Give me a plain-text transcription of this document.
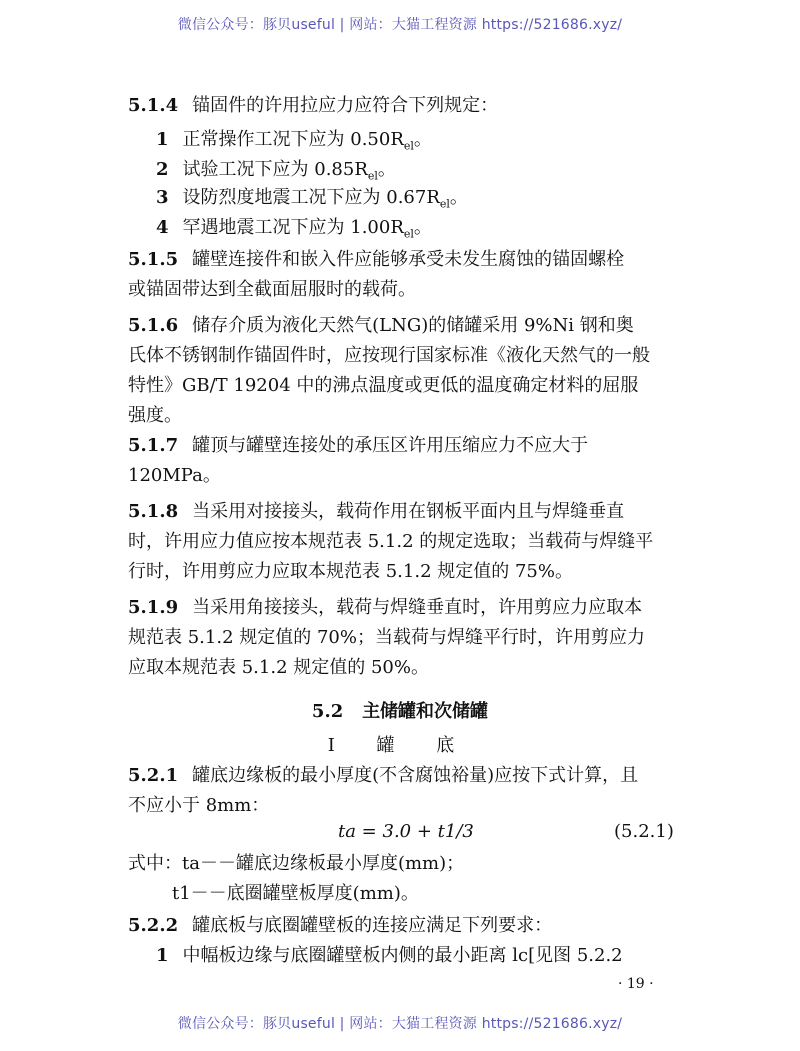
微信公众号：豚贝useful | 网站：大猫工程资源 https://521686.xyz/
5.1.4 锚固件的许用拉应力应符合下列规定：
1 正常操作工况下应为 $0.50R_{el}$。
2 试验工况下应为 $0.85R_{el}$。
3 设防烈度地震工况下应为 $0.67R_{el}$。
4 罕遇地震工况下应为 $1.00R_{el}$。
5.1.5 罐壁连接件和嵌入件应能够承受未发生腐蚀的锚固螺栓
或锚固带达到全截面屈服时的载荷。
5.1.6 储存介质为液化天然气(LNG)的储罐采用 9%Ni 钢和奥
氏体不锈钢制作锚固件时，应按现行国家标准《液化天然气的一般
特性》GB/T 19204 中的沸点温度或更低的温度确定材料的屈服
强度。
5.1.7 罐顶与罐壁连接处的承压区许用压缩应力不应大于
120MPa。
5.1.8 当采用对接接头，载荷作用在钢板平面内且与焊缝垂直
时，许用应力值应按本规范表 5.1.2 的规定选取；当载荷与焊缝平
行时，许用剪应力应取本规范表 5.1.2 规定值的 75%。
5.1.9 当采用角接接头，载荷与焊缝垂直时，许用剪应力应取本
规范表 5.1.2 规定值的 70%；当载荷与焊缝平行时，许用剪应力
应取本规范表 5.1.2 规定值的 50%。
5.2 主储罐和次储罐
Ⅰ 罐 底
5.2.1 罐底边缘板的最小厚度(不含腐蚀裕量)应按下式计算，且
不应小于 8mm：
ta = 3.0 + t1/3	(5.2.1)
式中：ta－－罐底边缘板最小厚度(mm)；
t1－－底圈罐壁板厚度(mm)。
5.2.2 罐底板与底圈罐壁板的连接应满足下列要求：
1 中幅板边缘与底圈罐壁板内侧的最小距离 lc[见图 5.2.2
· 19 ·
微信公众号：豚贝useful | 网站：大猫工程资源 https://521686.xyz/
